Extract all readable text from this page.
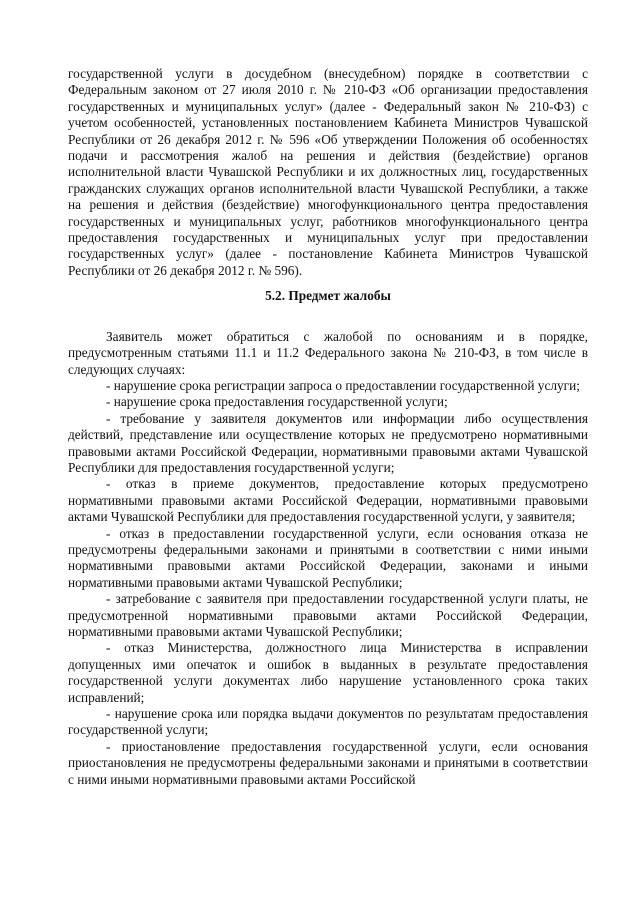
государственной услуги в досудебном (внесудебном) порядке в соответствии с Федеральным законом от 27 июля 2010 г. № 210-ФЗ «Об организации предоставления государственных и муниципальных услуг» (далее - Федеральный закон № 210-ФЗ) с учетом особенностей, установленных постановлением Кабинета Министров Чувашской Республики от 26 декабря 2012 г. № 596 «Об утверждении Положения об особенностях подачи и рассмотрения жалоб на решения и действия (бездействие) органов исполнительной власти Чувашской Республики и их должностных лиц, государственных гражданских служащих органов исполнительной власти Чувашской Республики, а также на решения и действия (бездействие) многофункционального центра предоставления государственных и муниципальных услуг, работников многофункционального центра предоставления государственных и муниципальных услуг при предоставлении государственных услуг» (далее - постановление Кабинета Министров Чувашской Республики от 26 декабря 2012 г. № 596).

5.2. Предмет жалобы

Заявитель может обратиться с жалобой по основаниям и в порядке, предусмотренным статьями 11.1 и 11.2 Федерального закона № 210-ФЗ, в том числе в следующих случаях:

- нарушение срока регистрации запроса о предоставлении государственной услуги;

- нарушение срока предоставления государственной услуги;

- требование у заявителя документов или информации либо осуществления действий, представление или осуществление которых не предусмотрено нормативными правовыми актами Российской Федерации, нормативными правовыми актами Чувашской Республики для предоставления государственной услуги;

- отказ в приеме документов, предоставление которых предусмотрено нормативными правовыми актами Российской Федерации, нормативными правовыми актами Чувашской Республики для предоставления государственной услуги, у заявителя;

- отказ в предоставлении государственной услуги, если основания отказа не предусмотрены федеральными законами и принятыми в соответствии с ними иными нормативными правовыми актами Российской Федерации, законами и иными нормативными правовыми актами Чувашской Республики;

- затребование с заявителя при предоставлении государственной услуги платы, не предусмотренной нормативными правовыми актами Российской Федерации, нормативными правовыми актами Чувашской Республики;

- отказ Министерства, должностного лица Министерства в исправлении допущенных ими опечаток и ошибок в выданных в результате предоставления государственной услуги документах либо нарушение установленного срока таких исправлений;

- нарушение срока или порядка выдачи документов по результатам предоставления государственной услуги;

- приостановление предоставления государственной услуги, если основания приостановления не предусмотрены федеральными законами и принятыми в соответствии с ними иными нормативными правовыми актами Российской
